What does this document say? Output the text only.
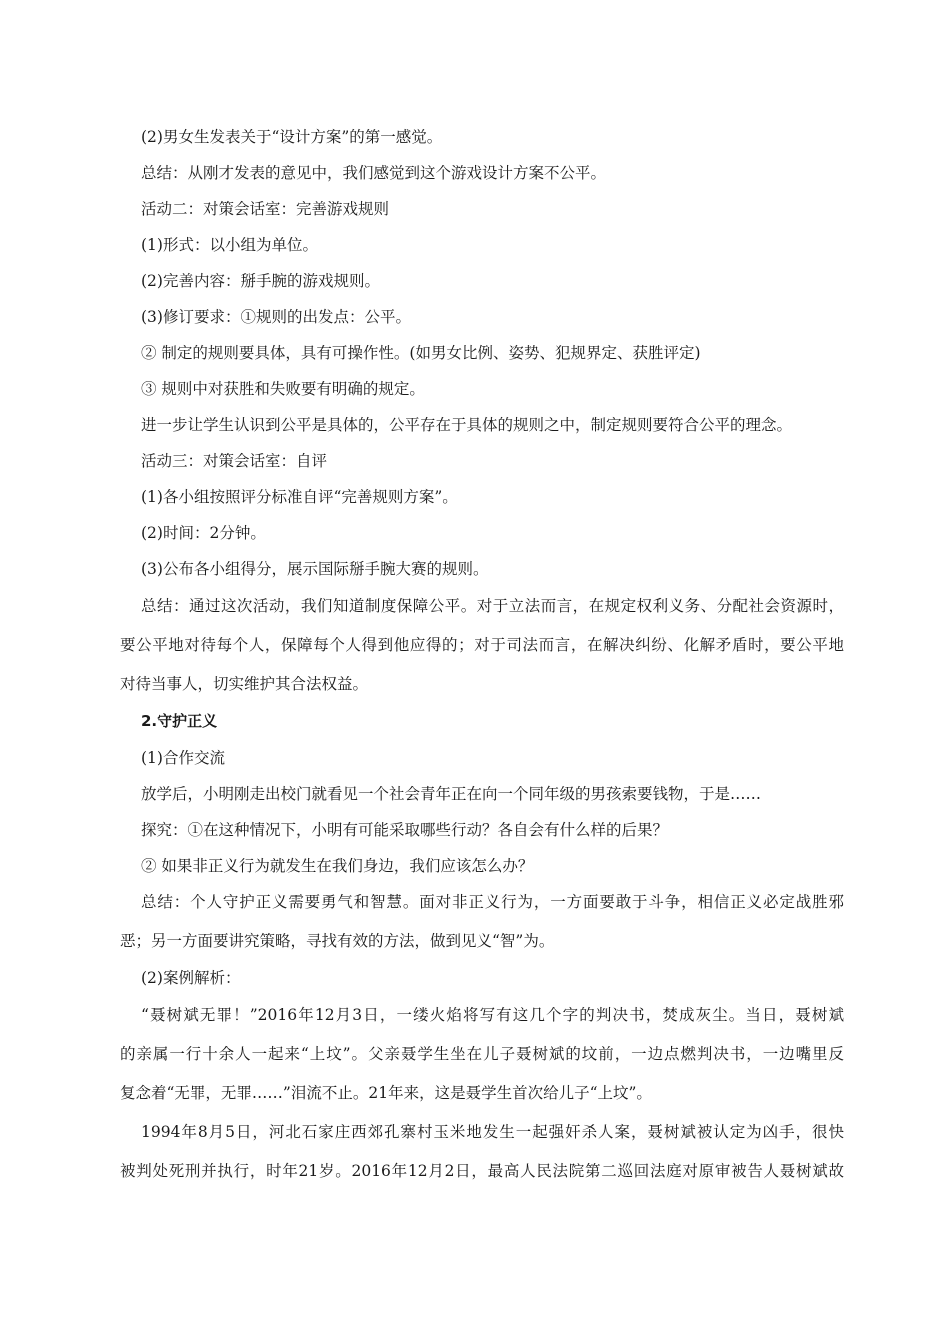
(2)男女生发表关于“设计方案”的第一感觉。
总结：从刚才发表的意见中，我们感觉到这个游戏设计方案不公平。
活动二：对策会话室：完善游戏规则
(1)形式：以小组为单位。
(2)完善内容：掰手腕的游戏规则。
(3)修订要求：①规则的出发点：公平。
② 制定的规则要具体，具有可操作性。(如男女比例、姿势、犯规界定、获胜评定)
③ 规则中对获胜和失败要有明确的规定。
进一步让学生认识到公平是具体的，公平存在于具体的规则之中，制定规则要符合公平的理念。
活动三：对策会话室：自评
(1)各小组按照评分标准自评“完善规则方案”。
(2)时间：2分钟。
(3)公布各小组得分，展示国际掰手腕大赛的规则。
总结：通过这次活动，我们知道制度保障公平。对于立法而言，在规定权利义务、分配社会资源时，
要公平地对待每个人，保障每个人得到他应得的；对于司法而言，在解决纠纷、化解矛盾时，要公平地
对待当事人，切实维护其合法权益。
2.守护正义
(1)合作交流
放学后，小明刚走出校门就看见一个社会青年正在向一个同年级的男孩索要钱物，于是……
探究：①在这种情况下，小明有可能采取哪些行动？各自会有什么样的后果？
② 如果非正义行为就发生在我们身边，我们应该怎么办？
总结：个人守护正义需要勇气和智慧。面对非正义行为，一方面要敢于斗争，相信正义必定战胜邪
恶；另一方面要讲究策略，寻找有效的方法，做到见义“智”为。
(2)案例解析：
“聂树斌无罪！”2016年12月3日，一缕火焰将写有这几个字的判决书，焚成灰尘。当日，聂树斌
的亲属一行十余人一起来“上坟”。父亲聂学生坐在儿子聂树斌的坟前，一边点燃判决书，一边嘴里反
复念着“无罪，无罪……”泪流不止。21年来，这是聂学生首次给儿子“上坟”。
1994年8月5日，河北石家庄西郊孔寨村玉米地发生一起强奸杀人案，聂树斌被认定为凶手，很快
被判处死刑并执行，时年21岁。2016年12月2日，最高人民法院第二巡回法庭对原审被告人聂树斌故
